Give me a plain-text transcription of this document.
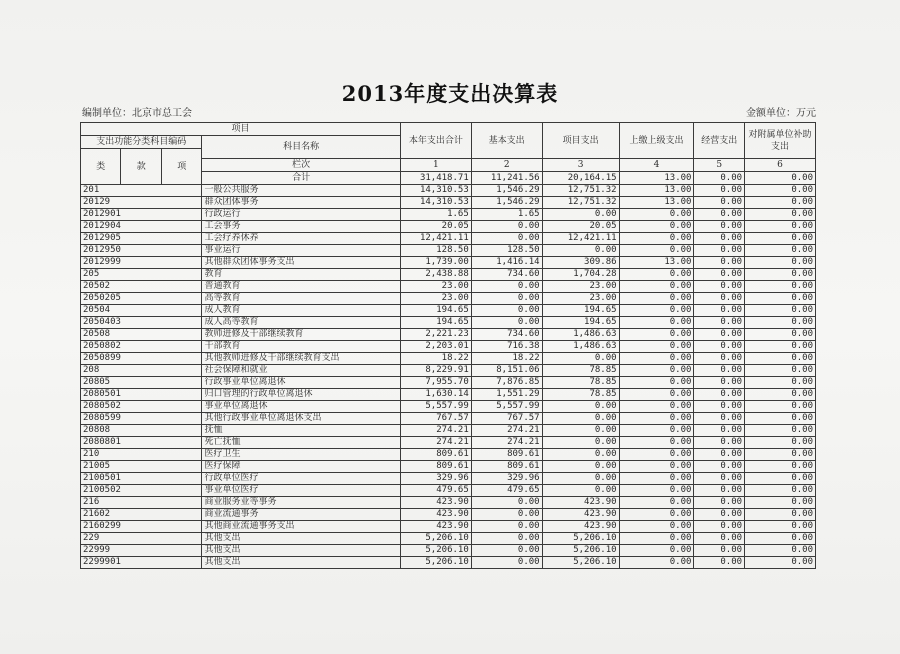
2013年度支出决算表
编制单位：北京市总工会	金额单位：万元
项目				本年支出合计	基本支出	项目支出	上缴上级支出	经营支出	对附属单位补助支出
支出功能分类科目编码			科目名称						
类	款	项							
			栏次	1	2	3	4	5	6
			合计	31,418.71	11,241.56	20,164.15	13.00	0.00	0.00
201			一般公共服务	14,310.53	1,546.29	12,751.32	13.00	0.00	0.00
20129			群众团体事务	14,310.53	1,546.29	12,751.32	13.00	0.00	0.00
2012901			行政运行	1.65	1.65	0.00	0.00	0.00	0.00
2012904			工会事务	20.05	0.00	20.05	0.00	0.00	0.00
2012905			工会疗养休养	12,421.11	0.00	12,421.11	0.00	0.00	0.00
2012950			事业运行	128.50	128.50	0.00	0.00	0.00	0.00
2012999			其他群众团体事务支出	1,739.00	1,416.14	309.86	13.00	0.00	0.00
205			教育	2,438.88	734.60	1,704.28	0.00	0.00	0.00
20502			普通教育	23.00	0.00	23.00	0.00	0.00	0.00
2050205			高等教育	23.00	0.00	23.00	0.00	0.00	0.00
20504			成人教育	194.65	0.00	194.65	0.00	0.00	0.00
2050403			成人高等教育	194.65	0.00	194.65	0.00	0.00	0.00
20508			教师进修及干部继续教育	2,221.23	734.60	1,486.63	0.00	0.00	0.00
2050802			干部教育	2,203.01	716.38	1,486.63	0.00	0.00	0.00
2050899			其他教师进修及干部继续教育支出	18.22	18.22	0.00	0.00	0.00	0.00
208			社会保障和就业	8,229.91	8,151.06	78.85	0.00	0.00	0.00
20805			行政事业单位离退休	7,955.70	7,876.85	78.85	0.00	0.00	0.00
2080501			归口管理的行政单位离退休	1,630.14	1,551.29	78.85	0.00	0.00	0.00
2080502			事业单位离退休	5,557.99	5,557.99	0.00	0.00	0.00	0.00
2080599			其他行政事业单位离退休支出	767.57	767.57	0.00	0.00	0.00	0.00
20808			抚恤	274.21	274.21	0.00	0.00	0.00	0.00
2080801			死亡抚恤	274.21	274.21	0.00	0.00	0.00	0.00
210			医疗卫生	809.61	809.61	0.00	0.00	0.00	0.00
21005			医疗保障	809.61	809.61	0.00	0.00	0.00	0.00
2100501			行政单位医疗	329.96	329.96	0.00	0.00	0.00	0.00
2100502			事业单位医疗	479.65	479.65	0.00	0.00	0.00	0.00
216			商业服务业等事务	423.90	0.00	423.90	0.00	0.00	0.00
21602			商业流通事务	423.90	0.00	423.90	0.00	0.00	0.00
2160299			其他商业流通事务支出	423.90	0.00	423.90	0.00	0.00	0.00
229			其他支出	5,206.10	0.00	5,206.10	0.00	0.00	0.00
22999			其他支出	5,206.10	0.00	5,206.10	0.00	0.00	0.00
2299901			其他支出	5,206.10	0.00	5,206.10	0.00	0.00	0.00
